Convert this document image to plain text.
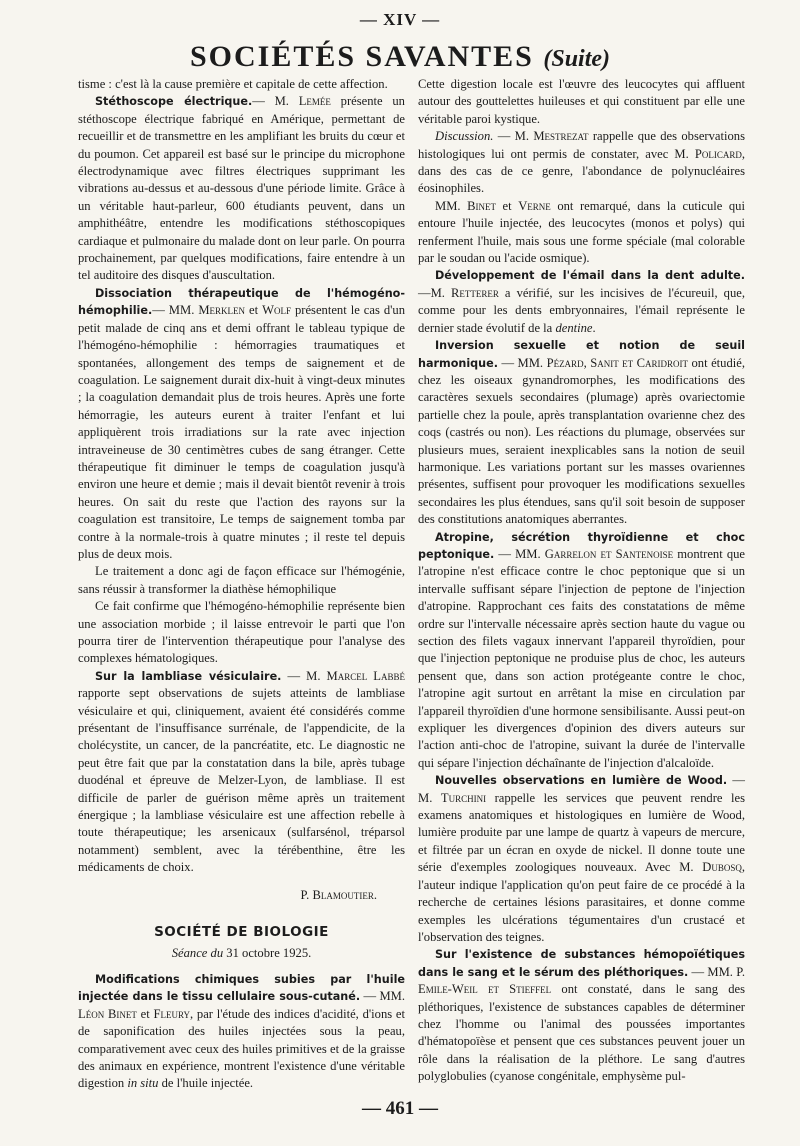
— XIV —
SOCIÉTÉS SAVANTES (Suite)

tisme : c'est là la cause première et capitale de cette affection.

Stéthoscope électrique.— M. Lemée présente un stéthoscope électrique fabriqué en Amérique, permettant de recueillir et de transmettre en les amplifiant les bruits du cœur et du poumon. Cet appareil est basé sur le principe du microphone électrodynamique avec filtres électriques supprimant les vibrations au-dessus et au-dessous d'une période limite. Grâce à un véritable haut-parleur, 600 étudiants peuvent, dans un amphithéâtre, entendre les modifications stéthoscopiques cardiaque et pulmonaire du malade dont on leur parle. On pourra prochainement, par quelques modifications, faire entendre à un tel auditoire des disques d'auscultation.

Dissociation thérapeutique de l'hémogéno-hémophilie.— MM. Merklen et Wolf présentent le cas d'un petit malade de cinq ans et demi offrant le tableau typique de l'hémogéno-hémophilie : hémorragies traumatiques et spontanées, allongement des temps de saignement et de coagulation. Le saignement durait dix-huit à vingt-deux minutes ; la coagulation demandait plus de trois heures. Après une forte hémorragie, les auteurs eurent à traiter l'enfant et lui appliquèrent trois irradiations sur la rate avec injection intraveineuse de 30 centimètres cubes de sang étranger. Cette thérapeutique fit diminuer le temps de coagulation jusqu'à environ une heure et demie ; mais il devait bientôt revenir à trois heures. On sait du reste que l'action des rayons sur la coagulation est transitoire, Le temps de saignement tomba par contre à la normale-trois à quatre minutes ; il reste tel depuis plus de deux mois.

Le traitement a donc agi de façon efficace sur l'hémogénie, sans réussir à transformer la diathèse hémophilique

Ce fait confirme que l'hémogéno-hémophilie représente bien une association morbide ; il laisse entrevoir le parti que l'on pourra tirer de l'intervention thérapeutique pour l'analyse des complexes hématologiques.

Sur la lambliase vésiculaire. — M. Marcel Labbé rapporte sept observations de sujets atteints de lambliase vésiculaire et qui, cliniquement, avaient été considérés comme présentant de l'insuffisance surrénale, de l'appendicite, de la cholécystite, un cancer, de la pancréatite, etc. Le diagnostic ne peut être fait que par la constatation dans la bile, après tubage duodénal et épreuve de Melzer-Lyon, de lambliase. Il est difficile de parler de guérison même après un traitement énergique ; la lambliase vésiculaire est une affection rebelle à toute thérapeutique; les arsenicaux (sulfarsénol, tréparsol notamment) semblent, avec la térébenthine, être les médicaments de choix.

P. Blamoutier.

SOCIÉTÉ DE BIOLOGIE
Séance du 31 octobre 1925.

Modifications chimiques subies par l'huile injectée dans le tissu cellulaire sous-cutané. — MM. Léon Binet et Fleury, par l'étude des indices d'acidité, d'ions et de saponification des huiles injectées sous la peau, comparativement avec ceux des huiles primitives et de la graisse des animaux en expérience, montrent l'existence d'une véritable digestion in situ de l'huile injectée.

Cette digestion locale est l'œuvre des leucocytes qui affluent autour des gouttelettes huileuses et qui constituent par elle une véritable paroi kystique.

Discussion. — M. Mestrezat rappelle que des observations histologiques lui ont permis de constater, avec M. Policard, dans des cas de ce genre, l'abondance de polynucléaires éosinophiles.

MM. Binet et Verne ont remarqué, dans la cuticule qui entoure l'huile injectée, des leucocytes (monos et polys) qui renferment l'huile, mais sous une forme spéciale (mal colorable par le soudan ou l'acide osmique).

Développement de l'émail dans la dent adulte. —M. Retterer a vérifié, sur les incisives de l'écureuil, que, comme pour les dents embryonnaires, l'émail représente le dernier stade évolutif de la dentine.

Inversion sexuelle et notion de seuil harmonique. — MM. Pézard, Sanit et Caridroit ont étudié, chez les oiseaux gynandromorphes, les modifications des caractères sexuels secondaires (plumage) après ovariectomie partielle chez la poule, après transplantation ovarienne chez des coqs (castrés ou non). Les réactions du plumage, observées sur plusieurs mues, seraient inexplicables sans la notion de seuil harmonique. Les variations portant sur les masses ovariennes présentes, suffisent pour provoquer les modifications sexuelles secondaires les plus étendues, sans qu'il soit besoin de supposer des constitutions anatomiques aberrantes.

Atropine, sécrétion thyroïdienne et choc peptonique. — MM. Garrelon et Santenoise montrent que l'atropine n'est efficace contre le choc peptonique que si un intervalle suffisant sépare l'injection de peptone de l'injection d'atropine. Rapprochant ces faits des constatations de même ordre sur l'intervalle nécessaire après section haute du vague ou section des filets vagaux innervant l'appareil thyroïdien, pour que l'injection peptonique ne produise plus de choc, les auteurs pensent que, dans son action protégeante contre le choc, l'atropine agit surtout en arrêtant la mise en circulation par l'appareil thyroïdien d'une hormone sensibilisante. Aussi peut-on expliquer les divergences d'opinion des divers auteurs sur l'action anti-choc de l'atropine, suivant la durée de l'intervalle qui sépare l'injection déchaînante de l'injection d'alcaloïde.

Nouvelles observations en lumière de Wood. — M. Turchini rappelle les services que peuvent rendre les examens anatomiques et histologiques en lumière de Wood, lumière produite par une lampe de quartz à vapeurs de mercure, et filtrée par un écran en oxyde de nickel. Il donne toute une série d'exemples zoologiques nouveaux. Avec M. Dubosq, l'auteur indique l'application qu'on peut faire de ce procédé à la recherche de certaines lésions parasitaires, et donne comme exemples les ulcérations tégumentaires d'un crustacé et l'observation des teignes.

Sur l'existence de substances hémopoïétiques dans le sang et le sérum des pléthoriques. — MM. P. Emile-Weil et Stieffel ont constaté, dans le sang des pléthoriques, l'existence de substances capables de déterminer chez l'homme ou l'animal des poussées importantes d'hématopoïèse et pensent que ces substances peuvent jouer un rôle dans la réalisation de la pléthore. Le sang d'autres polyglobulies (cyanose congénitale, emphysème pul-

— 461 —
